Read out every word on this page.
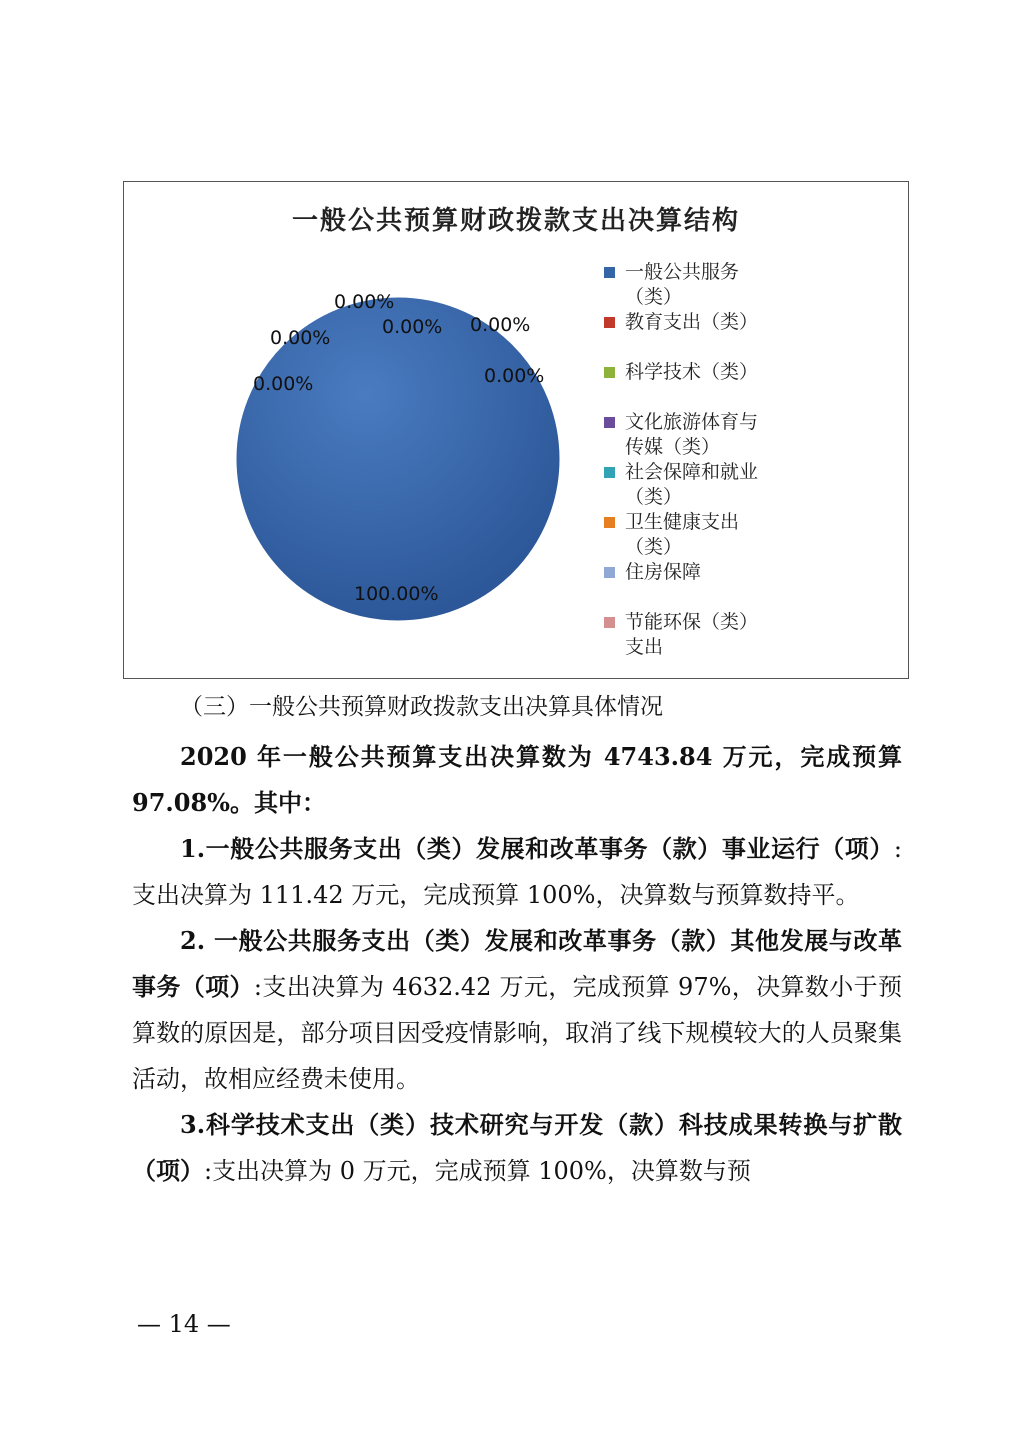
一般公共预算财政拨款支出决算结构
100.00%
0.00%
0.00% 0.00%
0.00%
0.00%	0.00%
一般公共服务
（类）
教育支出（类）
科学技术（类）
文化旅游体育与
传媒（类）
社会保障和就业
（类）
卫生健康支出
（类）
住房保障
节能环保（类）
支出
（三）一般公共预算财政拨款支出决算具体情况

2020 年一般公共预算支出决算数为 4743.84 万元，完成预算 97.08%。其中：

1.一般公共服务支出（类）发展和改革事务（款）事业运行（项）:支出决算为 111.42 万元，完成预算 100%，决算数与预算数持平。

2. 一般公共服务支出（类）发展和改革事务（款）其他发展与改革事务（项）:支出决算为 4632.42 万元，完成预算 97%，决算数小于预算数的原因是，部分项目因受疫情影响，取消了线下规模较大的人员聚集活动，故相应经费未使用。

3.科学技术支出（类）技术研究与开发（款）科技成果转换与扩散（项）:支出决算为 0 万元，完成预算 100%，决算数与预

— 14 —
